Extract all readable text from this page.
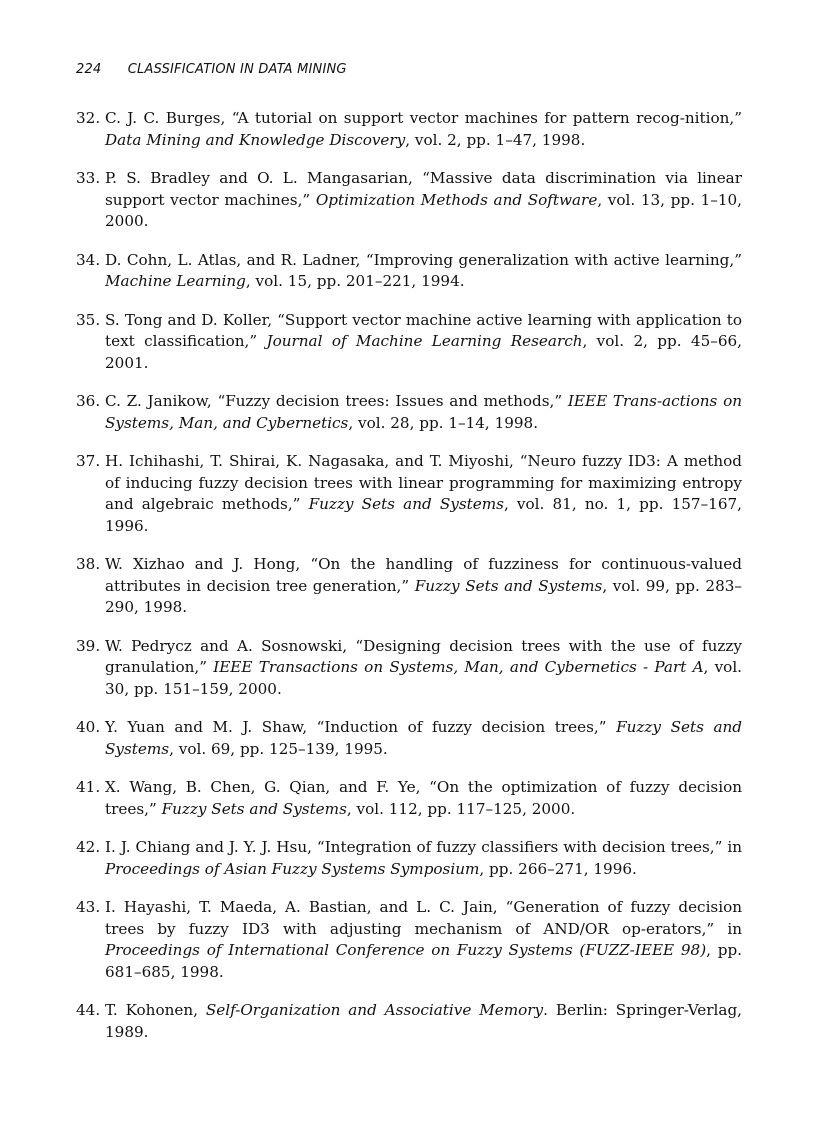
224 CLASSIFICATION IN DATA MINING
32. C. J. C. Burges, “A tutorial on support vector machines for pattern recog-nition,” Data Mining and Knowledge Discovery, vol. 2, pp. 1–47, 1998.
33. P. S. Bradley and O. L. Mangasarian, “Massive data discrimination via linear support vector machines,” Optimization Methods and Software, vol. 13, pp. 1–10, 2000.
34. D. Cohn, L. Atlas, and R. Ladner, “Improving generalization with active learning,” Machine Learning, vol. 15, pp. 201–221, 1994.
35. S. Tong and D. Koller, “Support vector machine active learning with application to text classification,” Journal of Machine Learning Research, vol. 2, pp. 45–66, 2001.
36. C. Z. Janikow, “Fuzzy decision trees: Issues and methods,” IEEE Trans-actions on Systems, Man, and Cybernetics, vol. 28, pp. 1–14, 1998.
37. H. Ichihashi, T. Shirai, K. Nagasaka, and T. Miyoshi, “Neuro fuzzy ID3: A method of inducing fuzzy decision trees with linear programming for maximizing entropy and algebraic methods,” Fuzzy Sets and Systems, vol. 81, no. 1, pp. 157–167, 1996.
38. W. Xizhao and J. Hong, “On the handling of fuzziness for continuous-valued attributes in decision tree generation,” Fuzzy Sets and Systems, vol. 99, pp. 283–290, 1998.
39. W. Pedrycz and A. Sosnowski, “Designing decision trees with the use of fuzzy granulation,” IEEE Transactions on Systems, Man, and Cybernetics - Part A, vol. 30, pp. 151–159, 2000.
40. Y. Yuan and M. J. Shaw, “Induction of fuzzy decision trees,” Fuzzy Sets and Systems, vol. 69, pp. 125–139, 1995.
41. X. Wang, B. Chen, G. Qian, and F. Ye, “On the optimization of fuzzy decision trees,” Fuzzy Sets and Systems, vol. 112, pp. 117–125, 2000.
42. I. J. Chiang and J. Y. J. Hsu, “Integration of fuzzy classifiers with decision trees,” in Proceedings of Asian Fuzzy Systems Symposium, pp. 266–271, 1996.
43. I. Hayashi, T. Maeda, A. Bastian, and L. C. Jain, “Generation of fuzzy decision trees by fuzzy ID3 with adjusting mechanism of AND/OR op-erators,” in Proceedings of International Conference on Fuzzy Systems (FUZZ-IEEE 98), pp. 681–685, 1998.
44. T. Kohonen, Self-Organization and Associative Memory. Berlin: Springer-Verlag, 1989.
